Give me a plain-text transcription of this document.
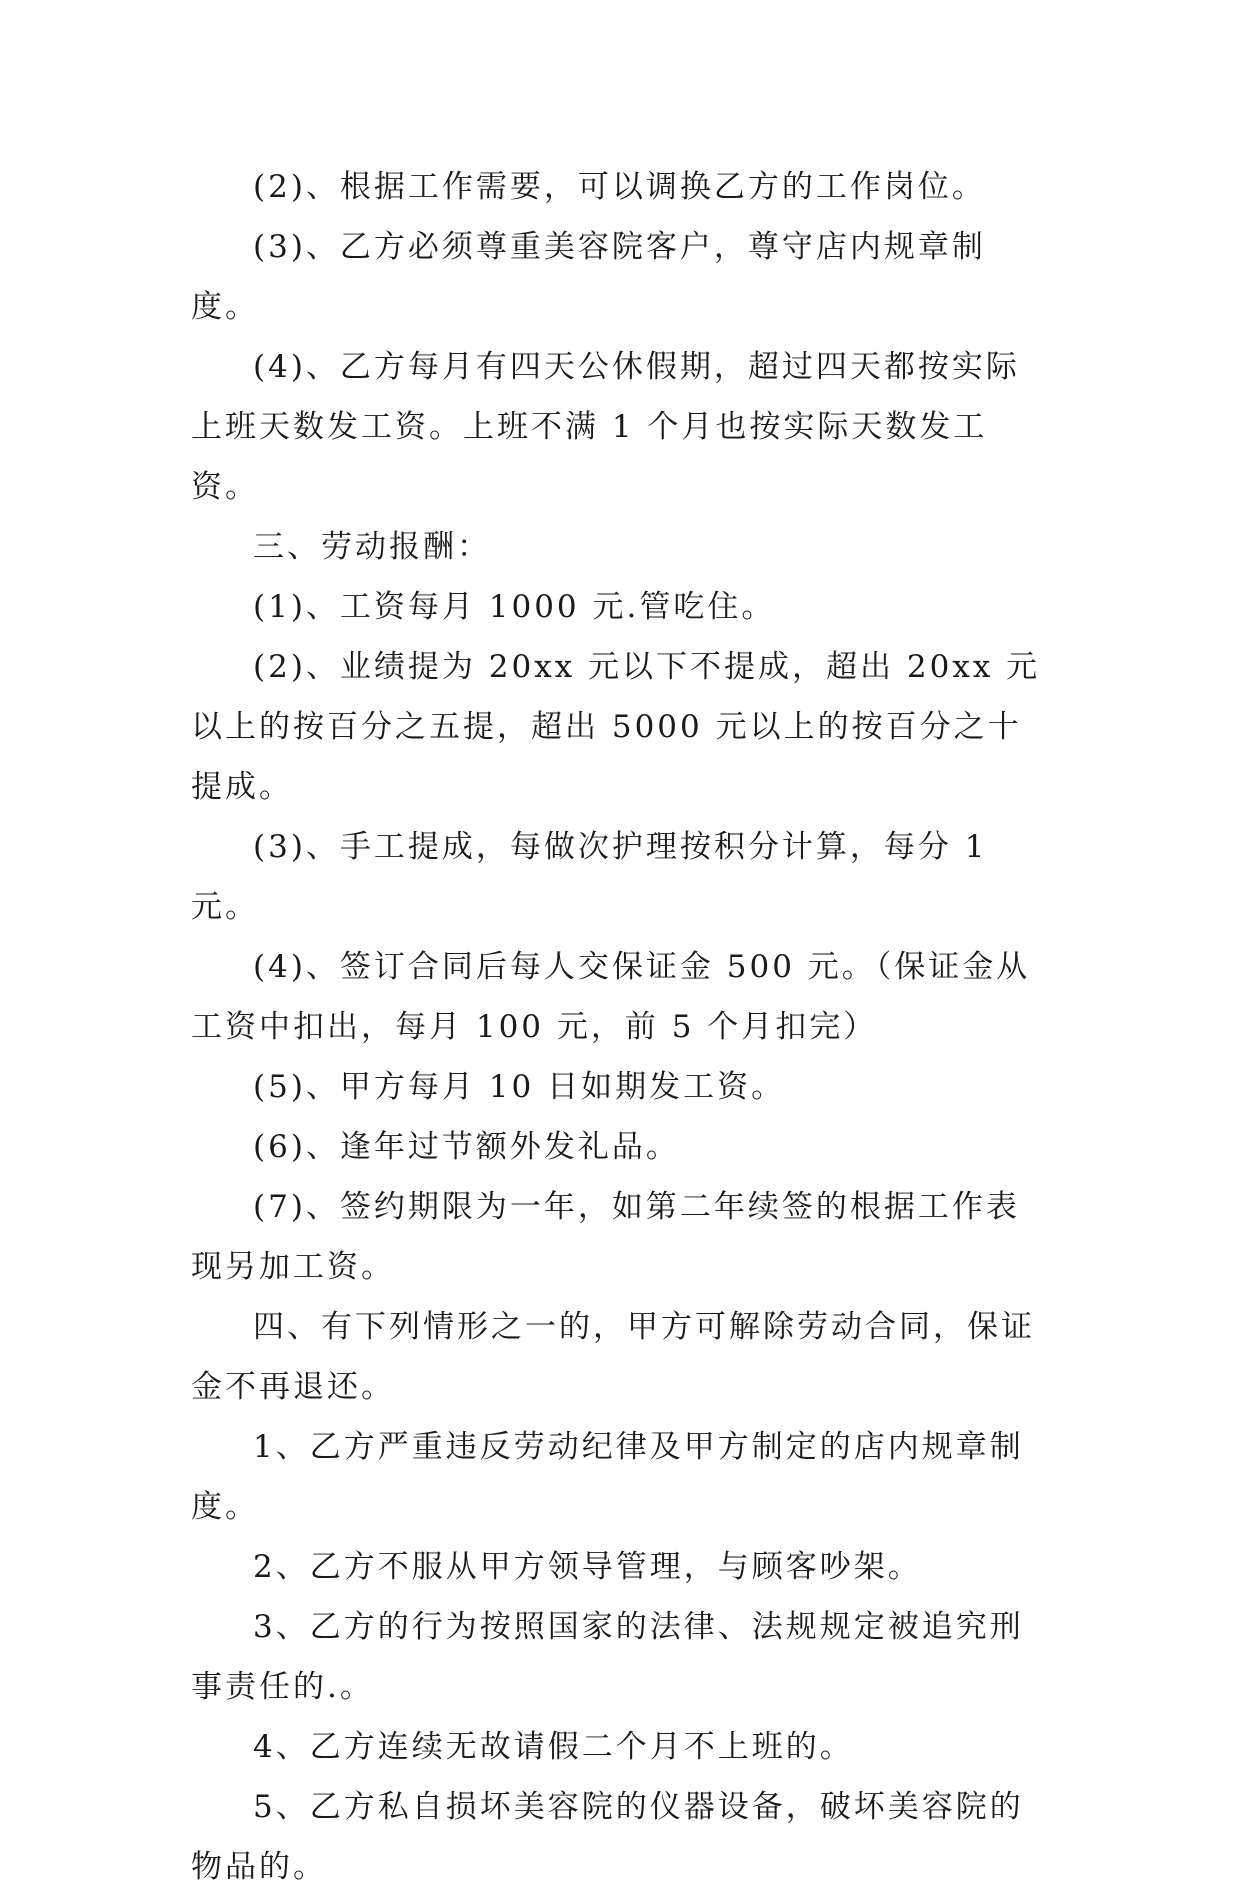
(2)、根据工作需要，可以调换乙方的工作岗位。

(3)、乙方必须尊重美容院客户，尊守店内规章制度。

(4)、乙方每月有四天公休假期，超过四天都按实际上班天数发工资。上班不满 1 个月也按实际天数发工资。

三、劳动报酬：

(1)、工资每月 1000 元.管吃住。

(2)、业绩提为 20xx 元以下不提成，超出 20xx 元以上的按百分之五提，超出 5000 元以上的按百分之十提成。

(3)、手工提成，每做次护理按积分计算，每分 1 元。

(4)、签订合同后每人交保证金 500 元。（保证金从工资中扣出，每月 100 元，前 5 个月扣完）

(5)、甲方每月 10 日如期发工资。

(6)、逢年过节额外发礼品。

(7)、签约期限为一年，如第二年续签的根据工作表现另加工资。

四、有下列情形之一的，甲方可解除劳动合同，保证金不再退还。

1、乙方严重违反劳动纪律及甲方制定的店内规章制度。

2、乙方不服从甲方领导管理，与顾客吵架。

3、乙方的行为按照国家的法律、法规规定被追究刑事责任的.。

4、乙方连续无故请假二个月不上班的。

5、乙方私自损坏美容院的仪器设备，破坏美容院的物品的。
